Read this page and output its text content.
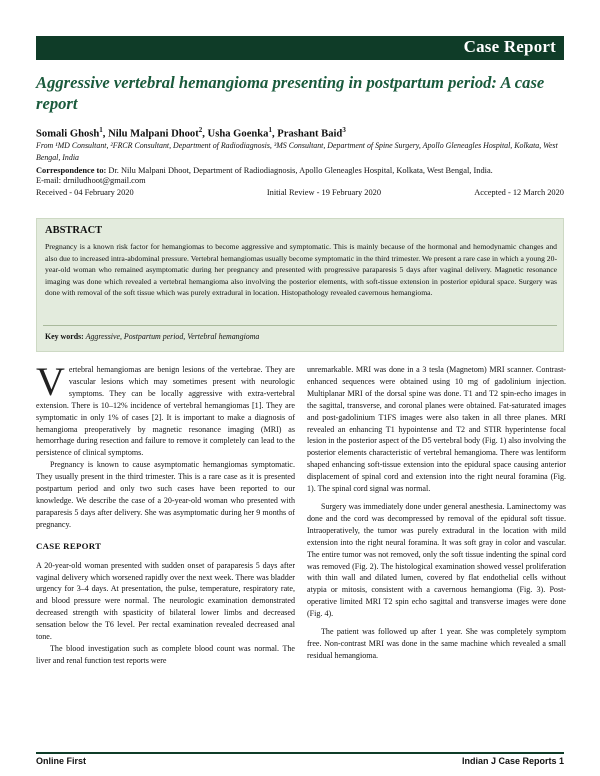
Case Report
Aggressive vertebral hemangioma presenting in postpartum period: A case report
Somali Ghosh$^1$, Nilu Malpani Dhoot$^2$, Usha Goenka$^1$, Prashant Baid$^3$
From ¹MD Consultant, ²FRCR Consultant, Department of Radiodiagnosis, ³MS Consultant, Department of Spine Surgery, Apollo Gleneagles Hospital, Kolkata, West Bengal, India
Correspondence to: Dr. Nilu Malpani Dhoot, Department of Radiodiagnosis, Apollo Gleneagles Hospital, Kolkata, West Bengal, India.
E-mail: drniludhoot@gmail.com
Received - 04 February 2020	Initial Review - 19 February 2020	Accepted - 12 March 2020
ABSTRACT

Pregnancy is a known risk factor for hemangiomas to become aggressive and symptomatic. This is mainly because of the hormonal and hemodynamic changes and also due to increased intra-abdominal pressure. Vertebral hemangiomas usually become symptomatic in the third trimester. We present a rare case in which a young 20-year-old woman who remained asymptomatic during her pregnancy and presented with progressive paraparesis 5 days after vaginal delivery. Magnetic resonance imaging was done which revealed a vertebral hemangioma also involving the posterior elements, with soft-tissue extension in posterior epidural space. Surgery was done with removal of the soft tissue which was purely extradural in location. Histopathology revealed cavernous hemangioma.

Key words: Aggressive, Postpartum period, Vertebral hemangioma
V ertebral hemangiomas are benign lesions of the vertebrae. They are vascular lesions which may sometimes present with neurologic symptoms. They can be locally aggressive with extra-vertebral extension. There is 10–12% incidence of vertebral hemangiomas [1]. They are symptomatic in only 1% of cases [2]. It is important to make a diagnosis of hemangioma preoperatively by magnetic resonance imaging (MRI) as hemorrhage during resection and failure to remove it completely can lead to the persistence of clinical symptoms.

Pregnancy is known to cause asymptomatic hemangiomas symptomatic. They usually present in the third trimester. This is a rare case as it is presented postpartum period and only two such cases have been reported to our knowledge. We describe the case of a 20-year-old woman who presented with paraparesis 5 days after delivery. She was asymptomatic during her 9 months of pregnancy.

CASE REPORT

A 20-year-old woman presented with sudden onset of paraparesis 5 days after vaginal delivery which worsened rapidly over the next week. There was bladder urgency for 3–4 days. At presentation, the pulse, temperature, respiratory rate, and blood pressure were normal. The neurologic examination demonstrated decreased strength with spasticity of bilateral lower limbs and decreased sensation below the T6 level. Per rectal examination revealed decreased anal tone.

The blood investigation such as complete blood count was normal. The liver and renal function test reports were

unremarkable. MRI was done in a 3 tesla (Magnetom) MRI scanner. Contrast-enhanced sequences were obtained using 10 mg of gadolinium injection. Multiplanar MRI of the dorsal spine was done. T1 and T2 spin-echo images in the sagittal, transverse, and coronal planes were obtained. Fat-saturated images and post-gadolinium T1FS images were also taken in all three planes. MRI revealed an enhancing T1 hypointense and T2 and STIR hyperintense focal lesion in the posterior aspect of the D5 vertebral body (Fig. 1) also involving the posterior elements characteristic of vertebral hemangioma. There was lentiform shaped enhancing soft-tissue extension into the epidural space causing anterior displacement of spinal cord and extension into the right neural foramina (Fig. 1). The spinal cord signal was normal.

Surgery was immediately done under general anesthesia. Laminectomy was done and the cord was decompressed by removal of the epidural soft tissue. Intraoperatively, the tumor was purely extradural in the location with mild extension into the right neural foramina. It was soft gray in color and vascular. The entire tumor was not removed, only the soft tissue indenting the spinal cord was removed (Fig. 2). The histological examination showed vessel proliferation with thin wall and dilated lumen, covered by flat endothelial cells without atypia or mitosis, consistent with a cavernous hemangioma (Fig. 3). Post-operative limited MRI T2 spin echo sagittal and transverse images were done (Fig. 4).

The patient was followed up after 1 year. She was completely symptom free. Non-contrast MRI was done in the same machine which revealed a small residual hemangioma.

Online First	Indian J Case Reports 1
